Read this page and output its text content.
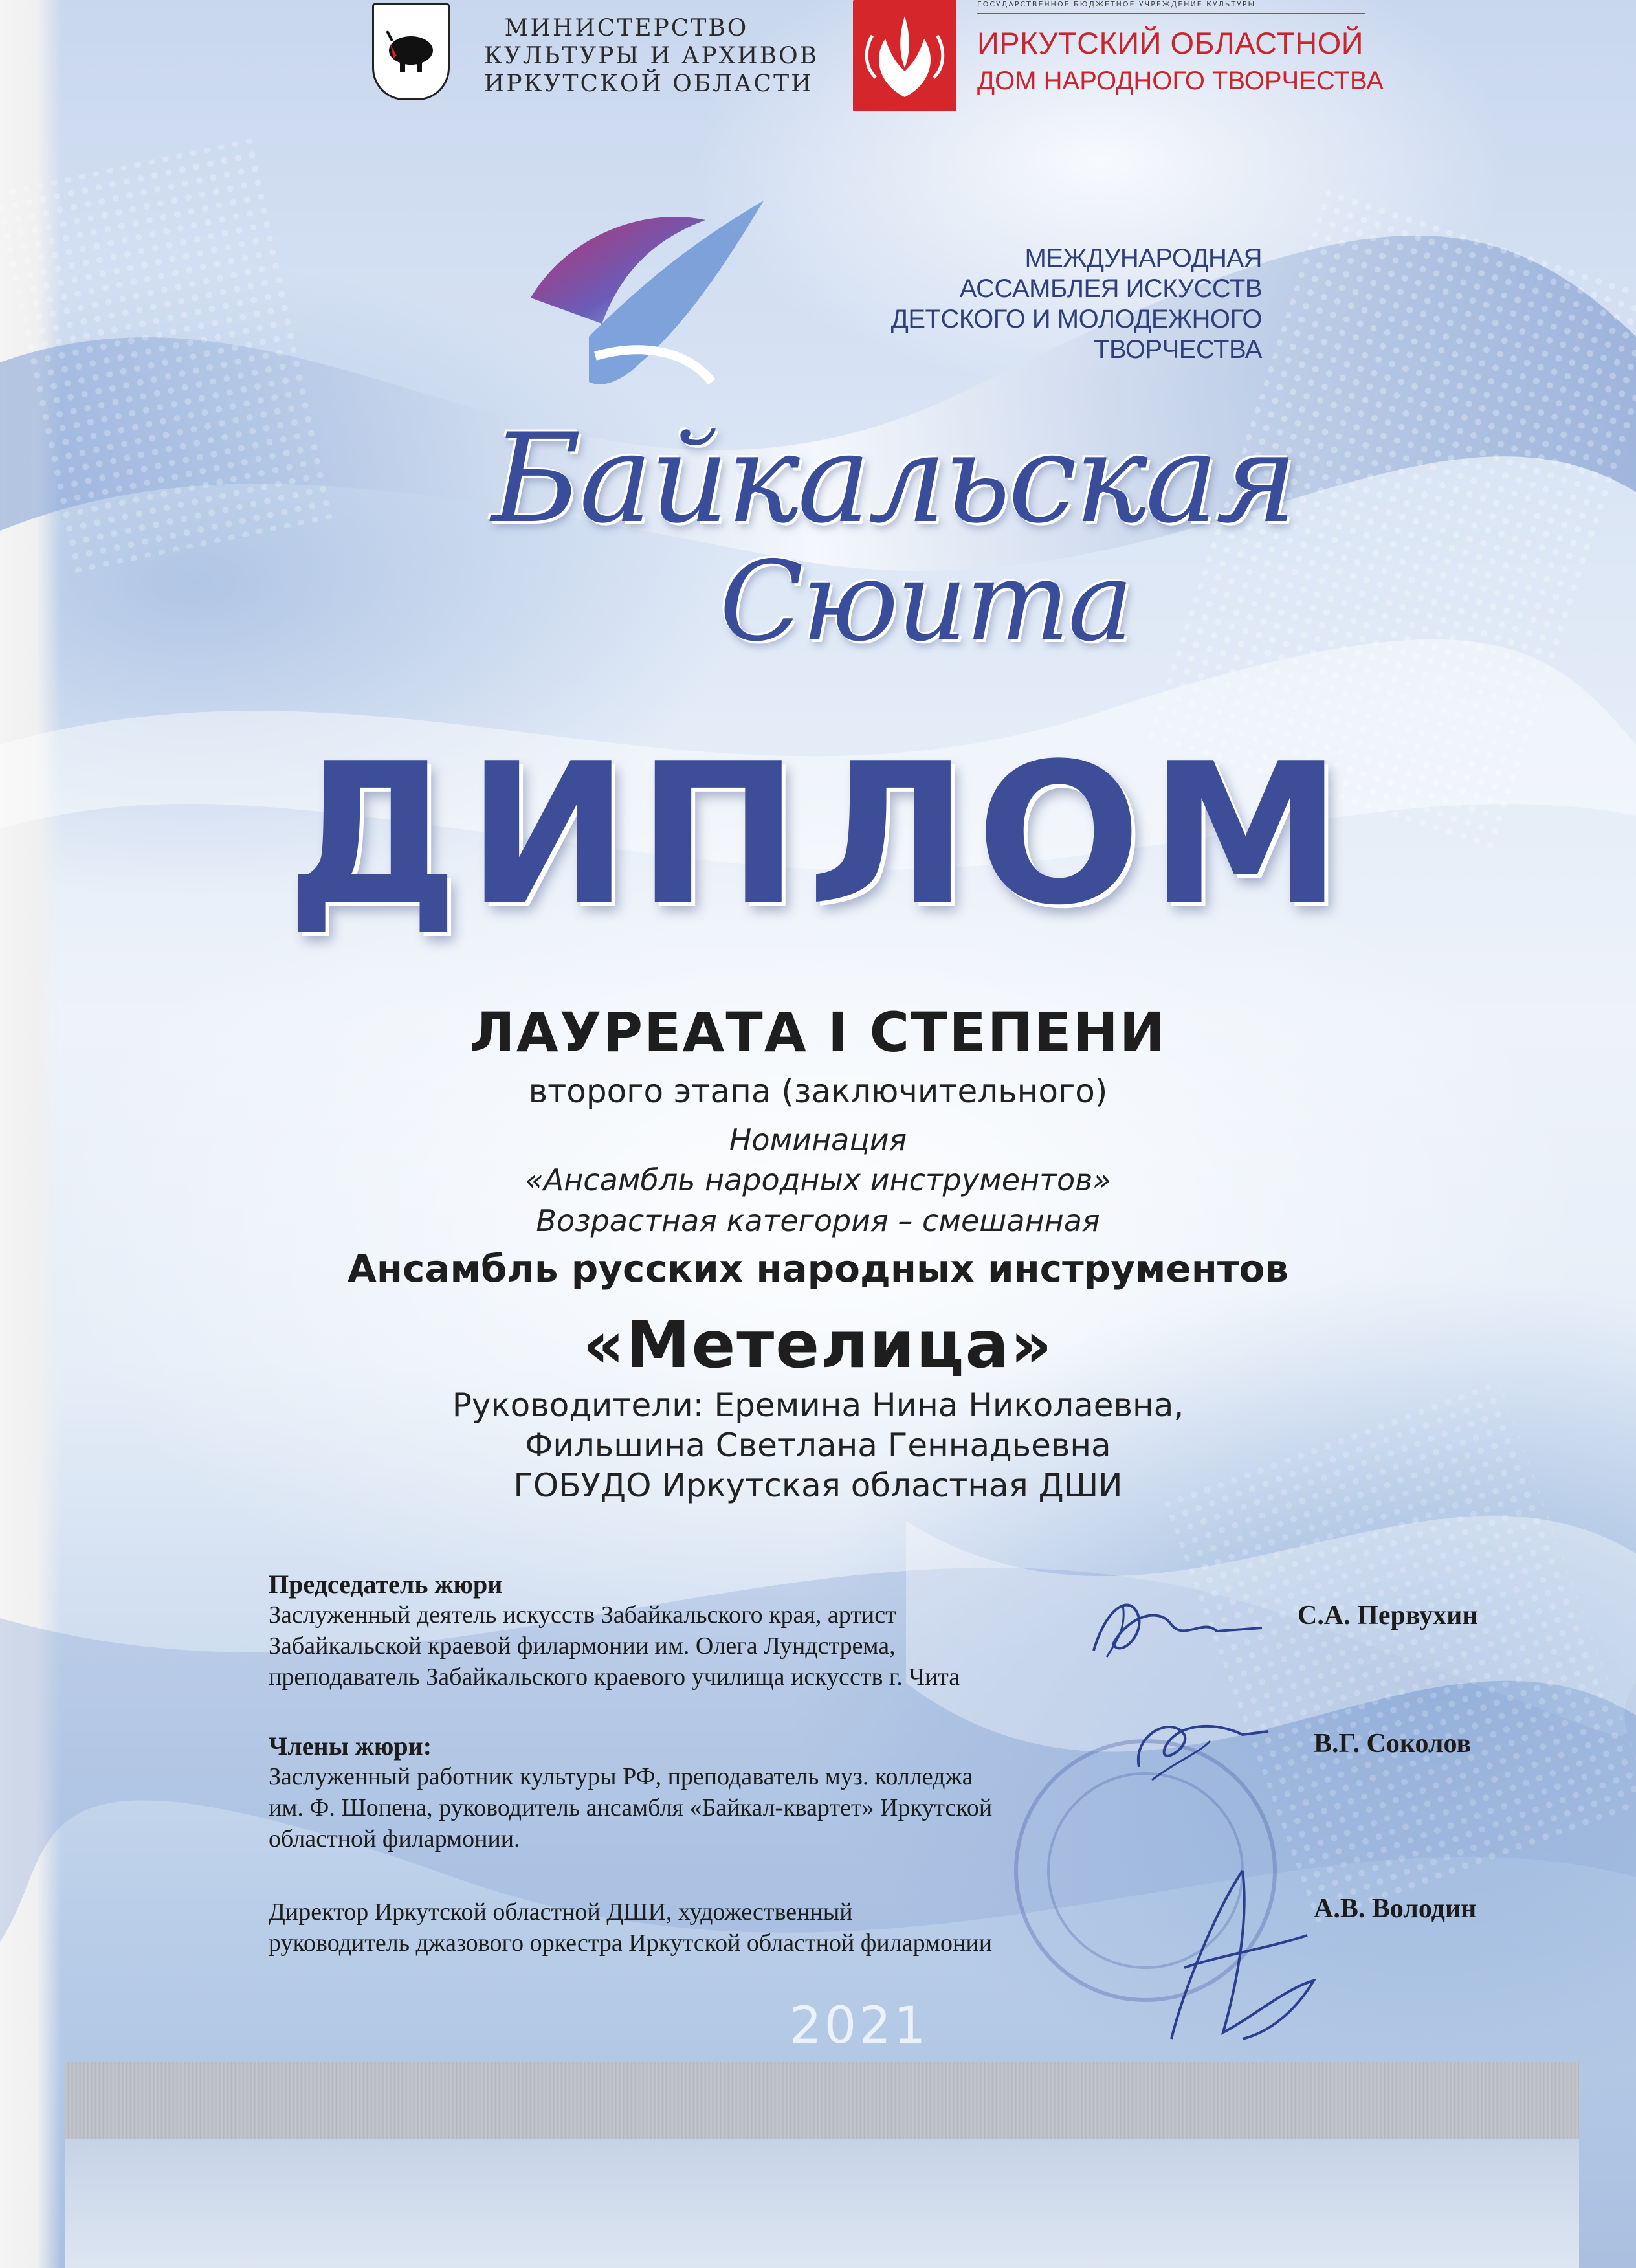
МИНИСТЕРСТВО
КУЛЬТУРЫ И АРХИВОВ
ИРКУТСКОЙ ОБЛАСТИ
ГОСУДАРСТВЕННОЕ БЮДЖЕТНОЕ УЧРЕЖДЕНИЕ КУЛЬТУРЫ
ИРКУТСКИЙ ОБЛАСТНОЙ
ДОМ НАРОДНОГО ТВОРЧЕСТВА
МЕЖДУНАРОДНАЯ
АССАМБЛЕЯ ИСКУССТВ
ДЕТСКОГО И МОЛОДЕЖНОГО
ТВОРЧЕСТВА
Байкальская
Сюита
ДИПЛОМ
ЛАУРЕАТА I СТЕПЕНИ
второго этапа (заключительного)
Номинация
«Ансамбль народных инструментов»
Возрастная категория – смешанная
Ансамбль русских народных инструментов
«Метелица»
Руководители: Еремина Нина Николаевна,
Фильшина Светлана Геннадьевна
ГОБУДО Иркутская областная ДШИ
Председатель жюри
Заслуженный деятель искусств Забайкальского края, артист
Забайкальской краевой филармонии им. Олега Лундстрема,
преподаватель Забайкальского краевого училища искусств г. Чита
С.А. Первухин
Члены жюри:
Заслуженный работник культуры РФ, преподаватель муз. колледжа
им. Ф. Шопена, руководитель ансамбля «Байкал-квартет» Иркутской
областной филармонии.
В.Г. Соколов
Директор Иркутской областной ДШИ, художественный
руководитель джазового оркестра Иркутской областной филармонии
А.В. Володин
2021
